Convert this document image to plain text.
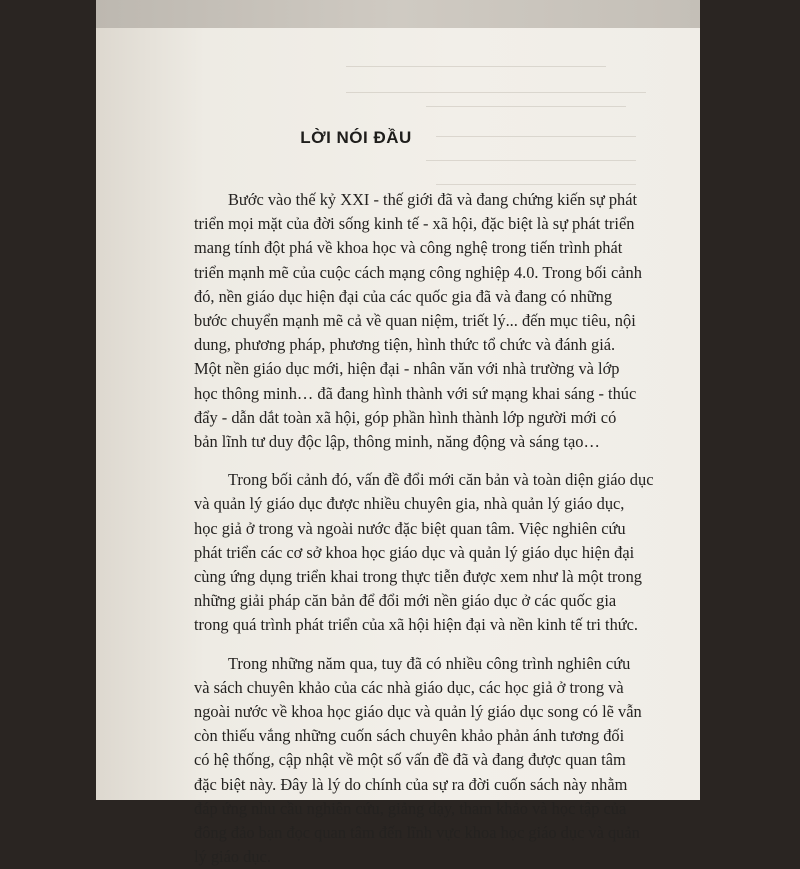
LỜI NÓI ĐẦU

Bước vào thế kỷ XXI - thế giới đã và đang chứng kiến sự phát
triển mọi mặt của đời sống kinh tế - xã hội, đặc biệt là sự phát triển
mang tính đột phá về khoa học và công nghệ trong tiến trình phát
triển mạnh mẽ của cuộc cách mạng công nghiệp 4.0. Trong bối cảnh
đó, nền giáo dục hiện đại của các quốc gia đã và đang có những
bước chuyển mạnh mẽ cả về quan niệm, triết lý... đến mục tiêu, nội
dung, phương pháp, phương tiện, hình thức tổ chức và đánh giá.
Một nền giáo dục mới, hiện đại - nhân văn với nhà trường và lớp
học thông minh… đã đang hình thành với sứ mạng khai sáng - thúc
đẩy - dẫn dắt toàn xã hội, góp phần hình thành lớp người mới có
bản lĩnh tư duy độc lập, thông minh, năng động và sáng tạo…

Trong bối cảnh đó, vấn đề đổi mới căn bản và toàn diện giáo dục
và quản lý giáo dục được nhiều chuyên gia, nhà quản lý giáo dục,
học giả ở trong và ngoài nước đặc biệt quan tâm. Việc nghiên cứu
phát triển các cơ sở khoa học giáo dục và quản lý giáo dục hiện đại
cùng ứng dụng triển khai trong thực tiễn được xem như là một trong
những giải pháp căn bản để đổi mới nền giáo dục ở các quốc gia
trong quá trình phát triển của xã hội hiện đại và nền kinh tế tri thức.

Trong những năm qua, tuy đã có nhiều công trình nghiên cứu
và sách chuyên khảo của các nhà giáo dục, các học giả ở trong và
ngoài nước về khoa học giáo dục và quản lý giáo dục song có lẽ vẫn
còn thiếu vắng những cuốn sách chuyên khảo phản ánh tương đối
có hệ thống, cập nhật về một số vấn đề đã và đang được quan tâm
đặc biệt này. Đây là lý do chính của sự ra đời cuốn sách này nhằm
đáp ứng nhu cầu nghiên cứu, giảng dạy, tham khảo và học tập của
đông đảo bạn đọc quan tâm đến lĩnh vực khoa học giáo dục và quản
lý giáo dục.
